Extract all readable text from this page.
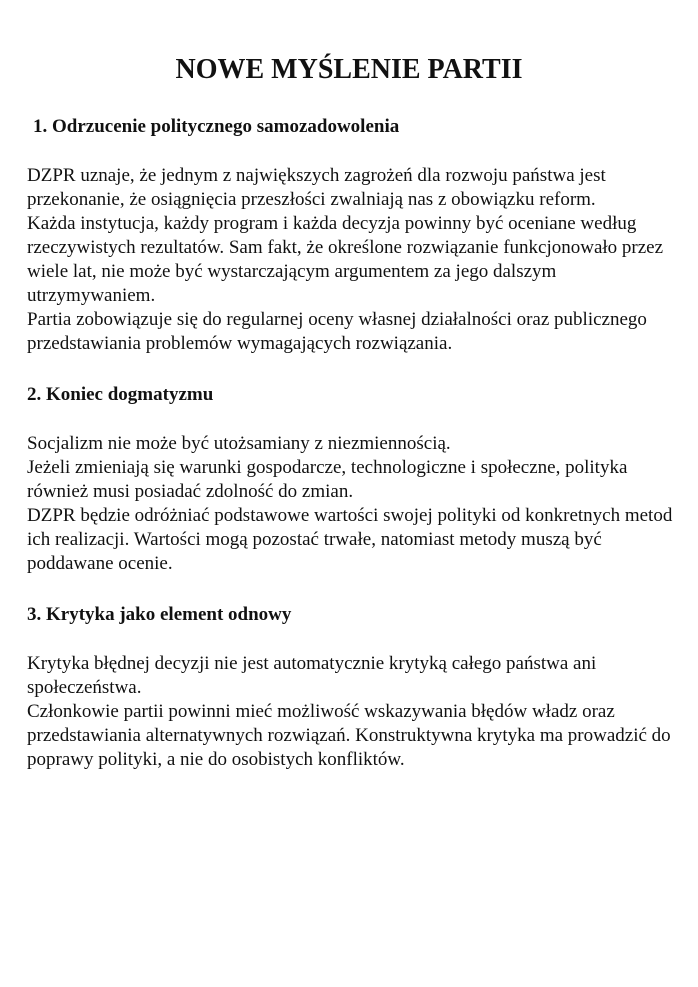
NOWE MYŚLENIE PARTII
1. Odrzucenie politycznego samozadowolenia

DZPR uznaje, że jednym z największych zagrożeń dla rozwoju państwa jest przekonanie, że osiągnięcia przeszłości zwalniają nas z obowiązku reform.

Każda instytucja, każdy program i każda decyzja powinny być oceniane według rzeczywistych rezultatów. Sam fakt, że określone rozwiązanie funkcjonowało przez wiele lat, nie może być wystarczającym argumentem za jego dalszym utrzymywaniem.

Partia zobowiązuje się do regularnej oceny własnej działalności oraz publicznego przedstawiania problemów wymagających rozwiązania.

2. Koniec dogmatyzmu

Socjalizm nie może być utożsamiany z niezmiennością.

Jeżeli zmieniają się warunki gospodarcze, technologiczne i społeczne, polityka również musi posiadać zdolność do zmian.

DZPR będzie odróżniać podstawowe wartości swojej polityki od konkretnych metod ich realizacji. Wartości mogą pozostać trwałe, natomiast metody muszą być poddawane ocenie.

3. Krytyka jako element odnowy

Krytyka błędnej decyzji nie jest automatycznie krytyką całego państwa ani społeczeństwa.

Członkowie partii powinni mieć możliwość wskazywania błędów władz oraz przedstawiania alternatywnych rozwiązań. Konstruktywna krytyka ma prowadzić do poprawy polityki, a nie do osobistych konfliktów.
